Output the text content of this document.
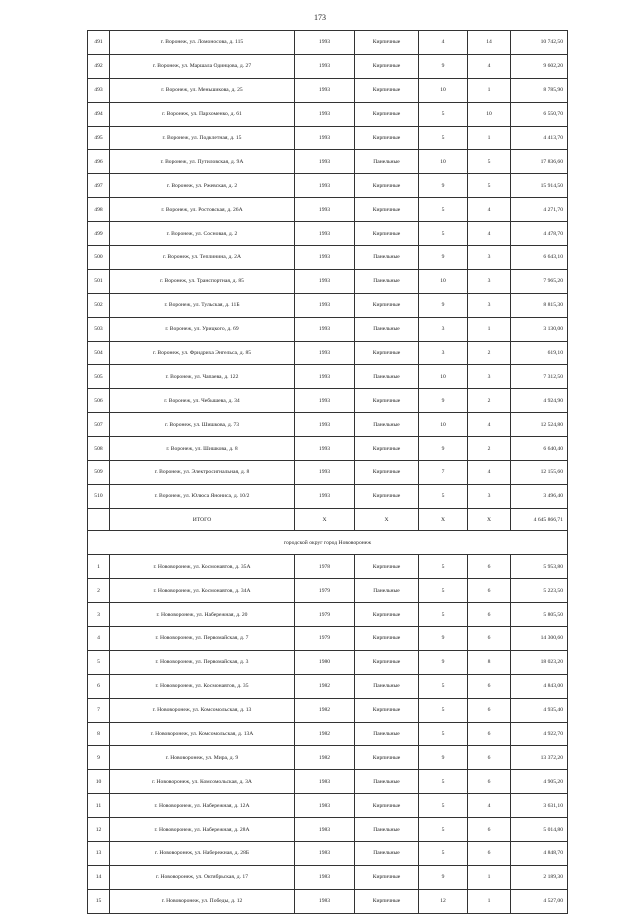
173
491	г. Воронеж, ул. Ломоносова, д. 115	1993	Кирпичные	4	14	10 742,50
492	г. Воронеж, ул. Маршала Одинцова, д. 27	1993	Кирпичные	9	4	9 602,20
493	г. Воронеж, ул. Меньшикова, д. 25	1993	Кирпичные	10	1	8 785,90
494	г. Воронеж, ул. Пархоменко, д. 61	1993	Кирпичные	5	10	6 550,70
495	г. Воронеж, ул. Подклетная, д. 15	1993	Кирпичные	5	1	4 413,70
496	г. Воронеж, ул. Путиловская, д. 9А	1993	Панельные	10	5	17 836,60
497	г. Воронеж, ул. Ржевская, д. 2	1993	Кирпичные	9	5	15 914,50
498	г. Воронеж, ул. Ростовская, д. 26А	1993	Кирпичные	5	4	4 271,70
499	г. Воронеж, ул. Сосновая, д. 2	1993	Кирпичные	5	4	4 478,70
500	г. Воронеж, ул. Теплинина, д. 2А	1993	Панельные	9	3	6 643,10
501	г. Воронеж, ул. Транспортная, д. 85	1993	Панельные	10	3	7 965,20
502	г. Воронеж, ул. Тульская, д. 11Б	1993	Кирпичные	9	3	8 815,30
503	г. Воронеж, ул. Урицкого, д. 69	1993	Панельные	3	1	3 130,00
504	г. Воронеж, ул. Фридриха Энгельса, д. 85	1993	Кирпичные	3	2	619,10
505	г. Воронеж, ул. Чапаева, д. 122	1993	Панельные	10	3	7 312,50
506	г. Воронеж, ул. Чебышева, д. 34	1993	Кирпичные	9	2	4 924,90
507	г. Воронеж, ул. Шишкова, д. 73	1993	Панельные	10	4	12 524,80
508	г. Воронеж, ул. Шишкова, д. 8	1993	Кирпичные	9	2	6 640,40
509	г. Воронеж, ул. Электросигнальная, д. 8	1993	Кирпичные	7	4	12 155,60
510	г. Воронеж, ул. Юлюса Янониса, д. 10/2	1993	Кирпичные	5	3	3 496,40
	ИТОГО	X	X	X	X	4 645 866,71
городской округ город Нововоронеж						
1	г. Нововоронеж, ул. Космонавтов, д. 35А	1978	Кирпичные	5	6	5 953,80
2	г. Нововоронеж, ул. Космонавтов, д. 34А	1979	Панельные	5	6	5 223,50
3	г. Нововоронеж, ул. Набережная, д. 20	1979	Кирпичные	5	6	5 805,50
4	г. Нововоронеж, ул. Первомайская, д. 7	1979	Кирпичные	9	6	14 300,60
5	г. Нововоронеж, ул. Первомайская, д. 3	1980	Кирпичные	9	8	18 023,20
6	г. Нововоронеж, ул. Космонавтов, д. 35	1982	Панельные	5	6	4 843,00
7	г. Нововоронеж, ул. Комсомольская, д. 13	1982	Кирпичные	5	6	4 935,40
8	г. Нововоронеж, ул. Комсомольская, д. 13А	1982	Панельные	5	6	4 922,70
9	г. Нововоронеж, ул. Мира, д. 9	1982	Кирпичные	9	6	13 372,20
10	г. Нововоронеж, ул. Комсомольская, д. 3А	1983	Панельные	5	6	4 905,20
11	г. Нововоронеж, ул. Набережная, д. 12А	1983	Кирпичные	5	4	3 631,10
12	г. Нововоронеж, ул. Набережная, д. 28А	1983	Панельные	5	6	5 014,80
13	г. Нововоронеж, ул. Набережная, д. 28Б	1983	Панельные	5	6	4 848,70
14	г. Нововоронеж, ул. Октябрьская, д. 17	1983	Кирпичные	9	1	2 189,30
15	г. Нововоронеж, ул. Победы, д. 12	1983	Кирпичные	12	1	4 527,00
